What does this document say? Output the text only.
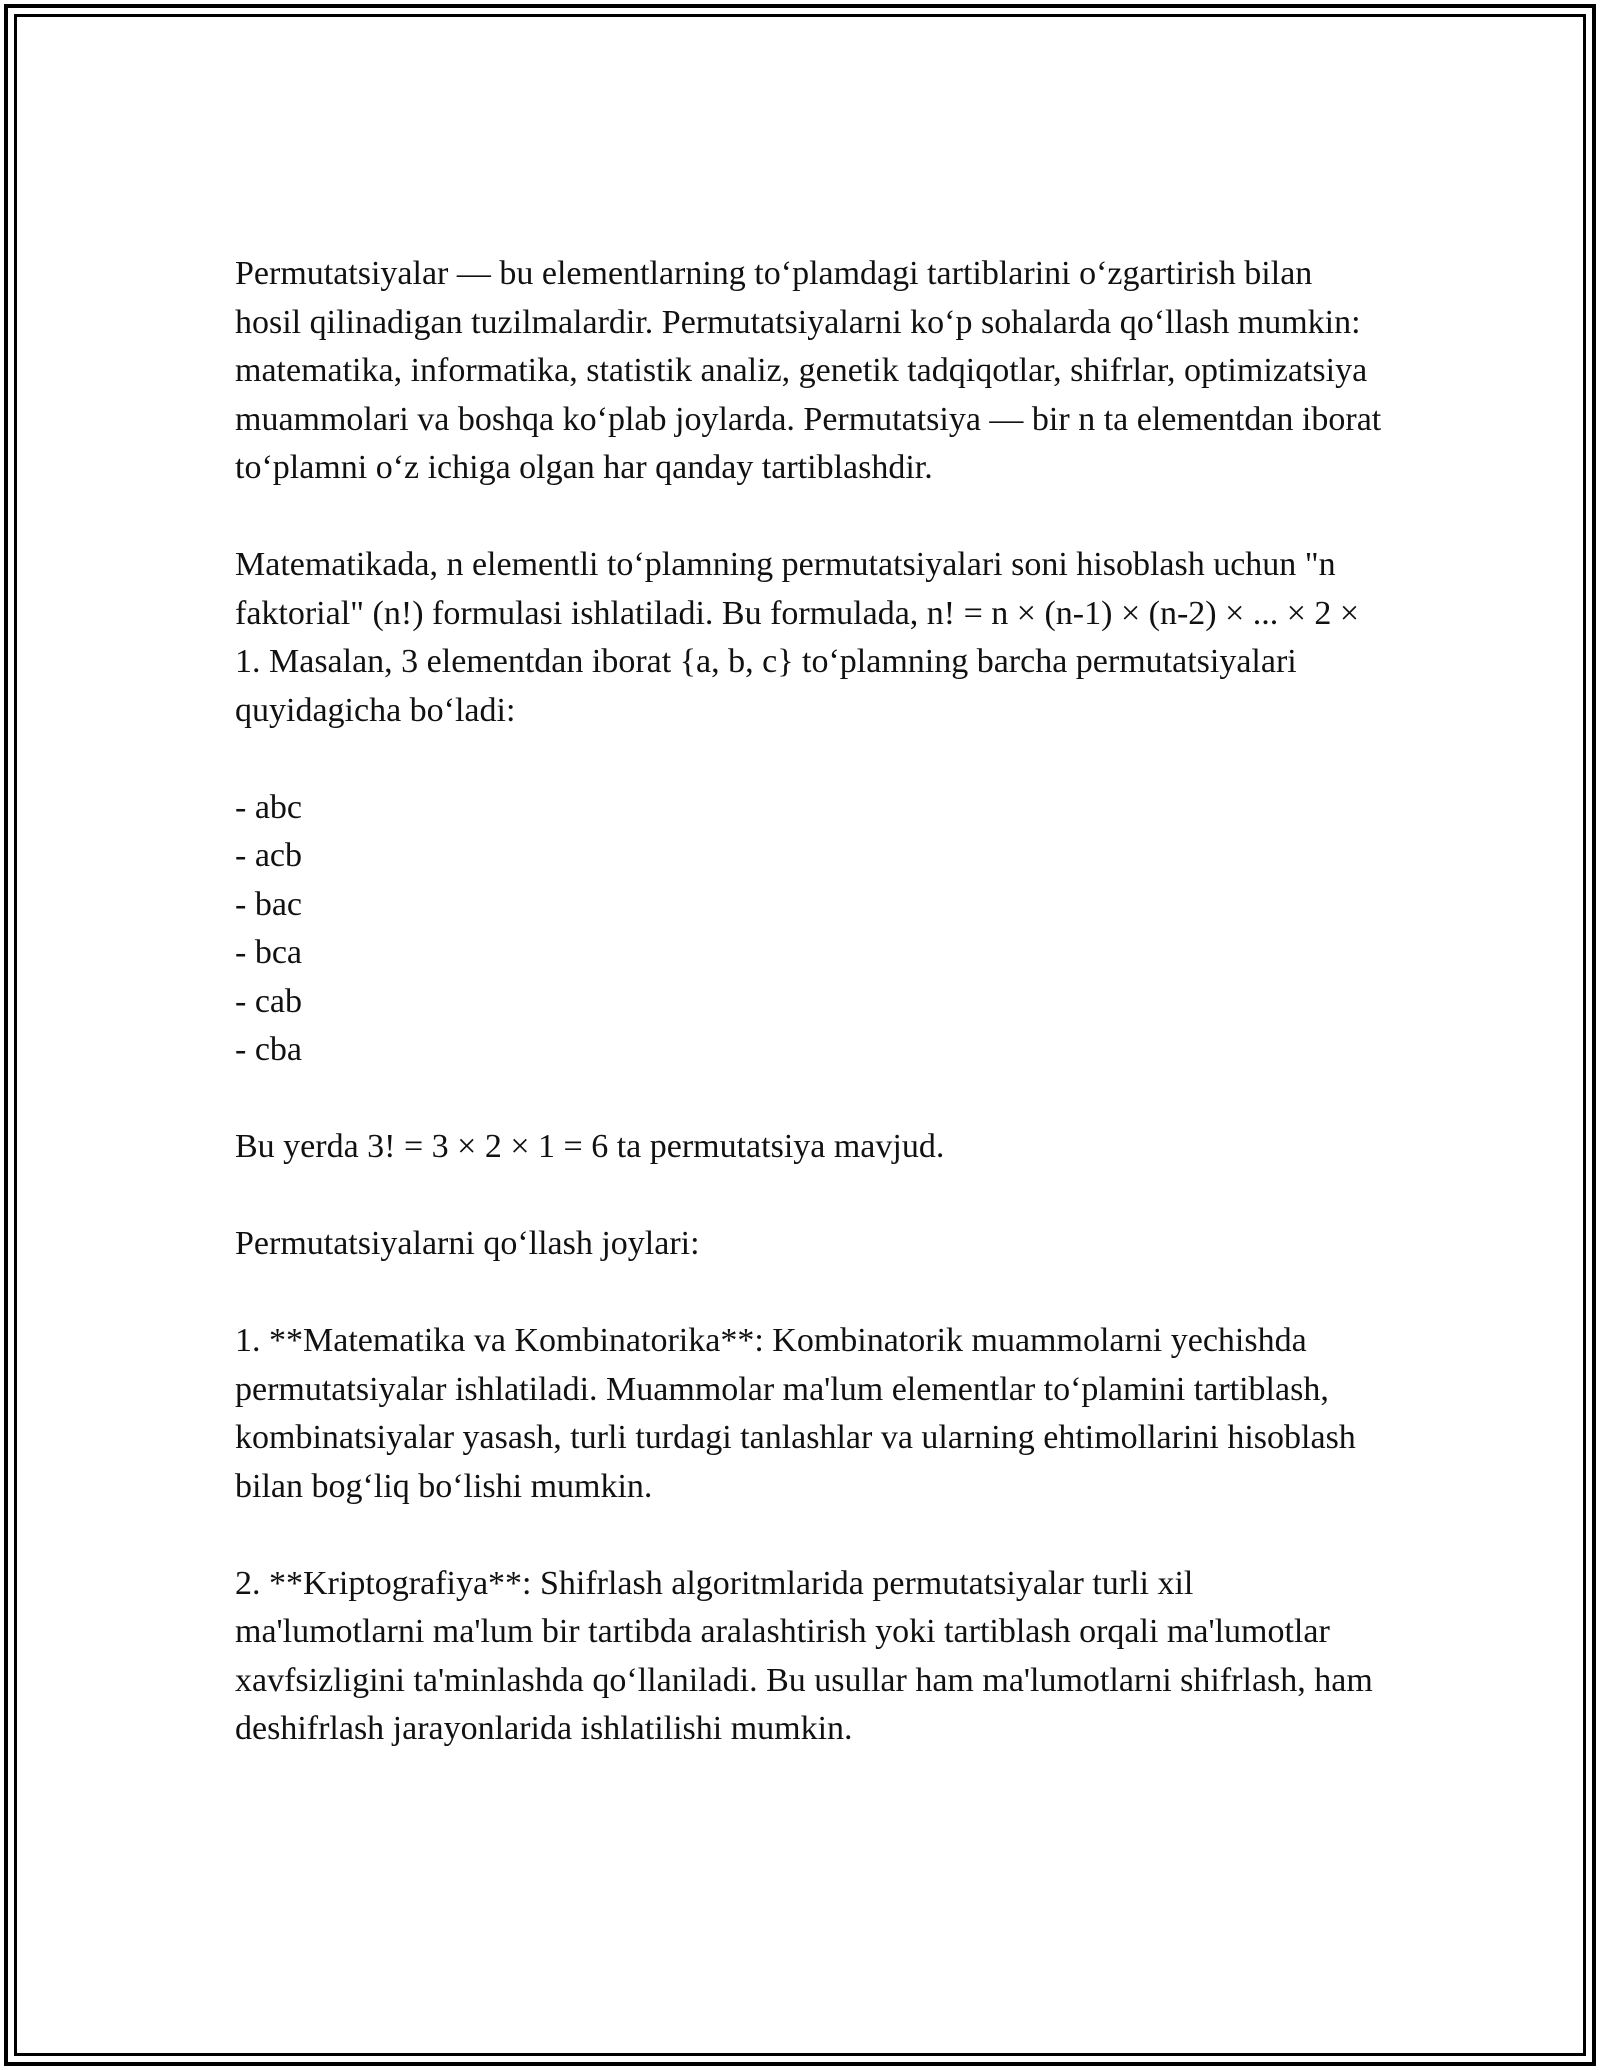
Permutatsiyalar — bu elementlarning to‘plamdagi tartiblarini o‘zgartirish bilan hosil qilinadigan tuzilmalardir. Permutatsiyalarni ko‘p sohalarda qo‘llash mumkin: matematika, informatika, statistik analiz, genetik tadqiqotlar, shifrlar, optimizatsiya muammolari va boshqa ko‘plab joylarda. Permutatsiya — bir n ta elementdan iborat to‘plamni o‘z ichiga olgan har qanday tartiblashdir.

Matematikada, n elementli to‘plamning permutatsiyalari soni hisoblash uchun "n faktorial" (n!) formulasi ishlatiladi. Bu formulada, n! = n × (n-1) × (n-2) × ... × 2 × 1. Masalan, 3 elementdan iborat {a, b, c} to‘plamning barcha permutatsiyalari quyidagicha bo‘ladi:

- abc
- acb
- bac
- bca
- cab
- cba

Bu yerda 3! = 3 × 2 × 1 = 6 ta permutatsiya mavjud.

Permutatsiyalarni qo‘llash joylari:

1. **Matematika va Kombinatorika**: Kombinatorik muammolarni yechishda permutatsiyalar ishlatiladi. Muammolar ma'lum elementlar to‘plamini tartiblash, kombinatsiyalar yasash, turli turdagi tanlashlar va ularning ehtimollarini hisoblash bilan bog‘liq bo‘lishi mumkin.

2. **Kriptografiya**: Shifrlash algoritmlarida permutatsiyalar turli xil ma'lumotlarni ma'lum bir tartibda aralashtirish yoki tartiblash orqali ma'lumotlar xavfsizligini ta'minlashda qo‘llaniladi. Bu usullar ham ma'lumotlarni shifrlash, ham deshifrlash jarayonlarida ishlatilishi mumkin.
